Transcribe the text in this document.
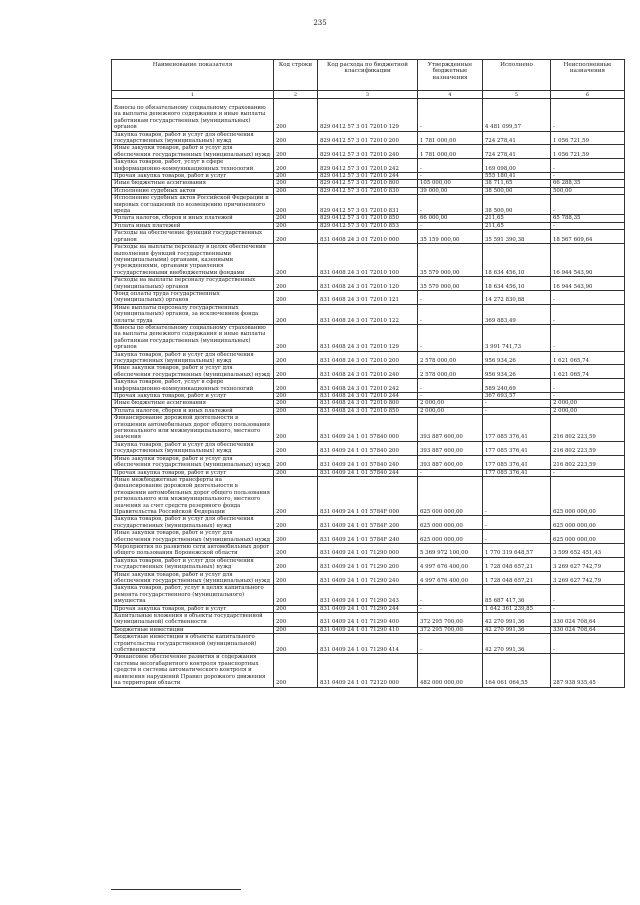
235
Наименование показателя	Код строки	Код расхода по бюджетной классификации	Утвержденные бюджетные назначения	Исполнено	Неисполненные назначения
1	2	3	4	5	6
Взносы по обязательному социальному страхованию на выплаты денежного содержания и иные выплаты работникам государственных (муниципальных) органов	200	829 0412 57 3 01 72010 129	-	4 481 099,57	-
Закупка товаров, работ и услуг для обеспечения государственных (муниципальных) нужд	200	829 0412 57 3 01 72010 200	1 781 000,00	724 278,41	1 056 721,59
Иные закупки товаров, работ и услуг для обеспечения государственных (муниципальных) нужд	200	829 0412 57 3 01 72010 240	1 781 000,00	724 278,41	1 056 721,59
Закупка товаров, работ, услуг в сфере информационно-коммуникационных технологий	200	829 0412 57 3 01 72010 242	-	169 098,00	-
Прочая закупка товаров, работ и услуг	200	829 0412 57 3 01 72010 244	-	555 180,41	-
Иные бюджетные ассигнования	200	829 0412 57 3 01 72010 800	105 000,00	38 711,65	66 288,35
Исполнение судебных актов	200	829 0412 57 3 01 72010 830	39 000,00	38 500,00	500,00
Исполнение судебных актов Российской Федерации и мировых соглашений по возмещению причиненного вреда	200	829 0412 57 3 01 72010 831	-	38 500,00	-
Уплата налогов, сборов и иных платежей	200	829 0412 57 3 01 72010 850	66 000,00	211,65	65 788,35
Уплата иных платежей	200	829 0412 57 3 01 72010 853	-	211,65	-
Расходы на обеспечение функций государственных органов	200	831 0408 24 3 01 72010 000	35 159 000,00	35 591 390,38	18 567 609,64
Расходы на выплаты персоналу в целях обеспечения выполнения функций государственными (муниципальными) органами, казенными учреждениями, органами управления государственными внебюджетными фондами	200	831 0408 24 3 01 72010 100	35 579 000,00	18 634 456,10	16 944 543,90
Расходы на выплаты персоналу государственных (муниципальных) органов	200	831 0408 24 3 01 72010 120	35 579 000,00	18 634 456,10	16 944 543,90
Фонд оплаты труда государственных (муниципальных) органов	200	831 0408 24 3 01 72010 121	-	14 272 830,88	-
Иные выплаты персоналу государственных (муниципальных) органов, за исключением фонда оплаты труда	200	831 0408 24 3 01 72010 122	-	369 883,49	-
Взносы по обязательному социальному страхованию на выплаты денежного содержания и иные выплаты работникам государственных (муниципальных) органов	200	831 0408 24 3 01 72010 129	-	3 991 741,73	-
Закупка товаров, работ и услуг для обеспечения государственных (муниципальных) нужд	200	831 0408 24 3 01 72010 200	2 578 000,00	956 934,26	1 621 065,74
Иные закупки товаров, работ и услуг для обеспечения государственных (муниципальных) нужд	200	831 0408 24 3 01 72010 240	2 578 000,00	956 934,26	1 621 065,74
Закупка товаров, работ, услуг в сфере информационно-коммуникационных технологий	200	831 0408 24 3 01 72010 242	-	589 240,69	-
Прочая закупка товаров, работ и услуг	200	831 0408 24 3 01 72010 244	-	367 693,57	-
Иные бюджетные ассигнования	200	831 0408 24 3 01 72010 800	2 000,00	-	2 000,00
Уплата налогов, сборов и иных платежей	200	831 0408 24 3 01 72010 850	2 000,00	-	2 000,00
Финансирование дорожной деятельности в отношении автомобильных дорог общего пользования регионального или межмуниципального, местного значения	200	831 0409 24 1 01 57840 000	393 887 600,00	177 085 376,41	216 802 223,59
Закупка товаров, работ и услуг для обеспечения государственных (муниципальных) нужд	200	831 0409 24 1 01 57840 200	393 887 600,00	177 085 376,41	216 802 223,59
Иные закупки товаров, работ и услуг для обеспечения государственных (муниципальных) нужд	200	831 0409 24 1 01 57840 240	393 887 600,00	177 085 376,41	216 802 223,59
Прочая закупка товаров, работ и услуг	200	831 0409 24 1 01 57840 244	-	177 085 376,41	-
Иные межбюджетные трансферты на финансирование дорожной деятельности в отношении автомобильных дорог общего пользования регионального или межмуниципального, местного значения за счет средств резервного фонда Правительства Российской Федерации	200	831 0409 24 1 01 5784F 000	625 000 000,00	-	625 000 000,00
Закупка товаров, работ и услуг для обеспечения государственных (муниципальных) нужд	200	831 0409 24 1 01 5784F 200	625 000 000,00	-	625 000 000,00
Иные закупки товаров, работ и услуг для обеспечения государственных (муниципальных) нужд	200	831 0409 24 1 01 5784F 240	625 000 000,00	-	625 000 000,00
Мероприятия по развитию сети автомобильных дорог общего пользования Воронежской области	200	831 0409 24 1 01 71290 000	5 369 972 100,00	1 770 319 648,57	3 599 652 451,43
Закупка товаров, работ и услуг для обеспечения государственных (муниципальных) нужд	200	831 0409 24 1 01 71290 200	4 997 676 400,00	1 728 048 657,21	3 269 627 742,79
Иные закупки товаров, работ и услуг для обеспечения государственных (муниципальных) нужд	200	831 0409 24 1 01 71290 240	4 997 676 400,00	1 728 048 657,21	3 269 627 742,79
Закупка товаров, работ, услуг в целях капитального ремонта государственного (муниципального) имущества	200	831 0409 24 1 01 71290 243	-	85 687 417,36	-
Прочая закупка товаров, работ и услуг	200	831 0409 24 1 01 71290 244	-	1 642 361 239,85	-
Капитальные вложения в объекты государственной (муниципальной) собственности	200	831 0409 24 1 01 71290 400	372 295 700,00	42 270 991,36	330 024 708,64
Бюджетные инвестиции	200	831 0409 24 1 01 71290 410	372 295 700,00	42 270 991,36	330 024 708,64
Бюджетные инвестиции в объекты капитального строительства государственной (муниципальной) собственности	200	831 0409 24 1 01 71290 414	-	42 270 991,36	-
Финансовое обеспечение развития и содержания системы весогабаритного контроля транспортных средств и системы автоматического контроля и выявления нарушений Правил дорожного движения на территории области	200	831 0409 24 1 01 72120 000	482 000 000,00	164 061 064,55	287 938 935,45
